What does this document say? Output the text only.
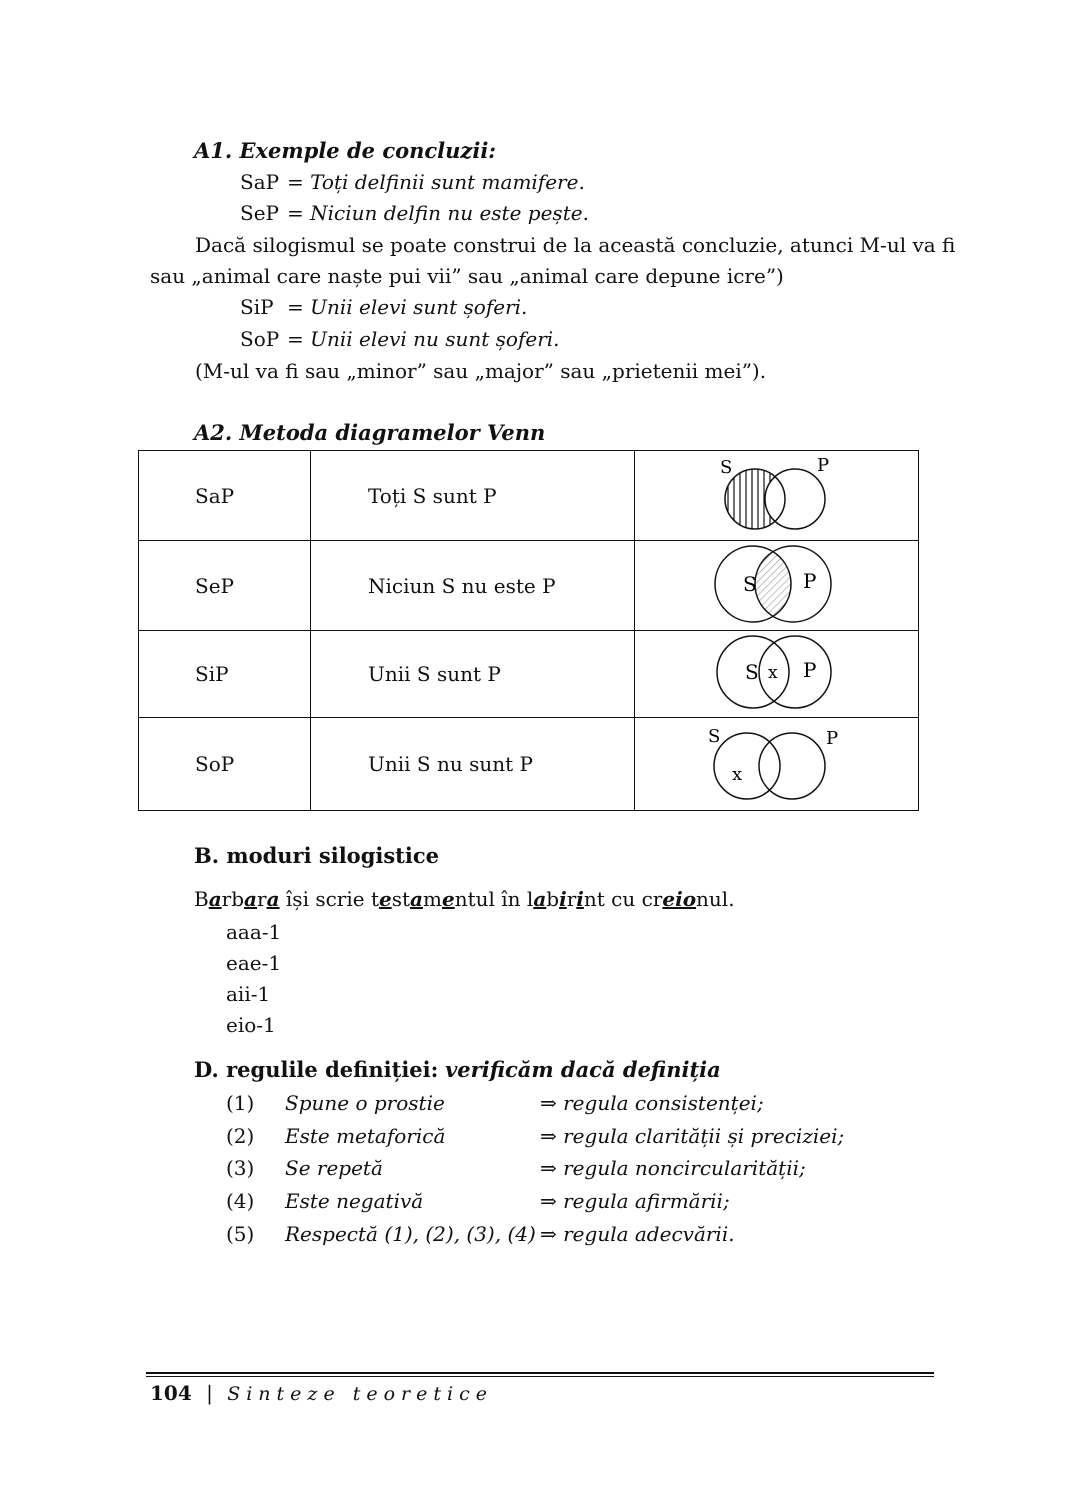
A1. Exemple de concluzii:
SaP = Toți delfinii sunt mamifere.
SeP = Niciun delfin nu este pește.
Dacă silogismul se poate construi de la această concluzie, atunci M-ul va fi
sau „animal care naște pui vii” sau „animal care depune icre”)
SiP = Unii elevi sunt șoferi.
SoP = Unii elevi nu sunt șoferi.
(M-ul va fi sau „minor” sau „major” sau „prietenii mei”).
A2. Metoda diagramelor Venn
SaP	Toți S sunt P	S P

SeP	Niciun S nu este P	S P

SiP	Unii S sunt P	S x P

SoP	Unii S nu sunt P	S
x
P
B. moduri silogistice
Barbara își scrie testamentul în labirint cu creionul.
aaa-1
eae-1
aii-1
eio-1
D. regulile definiției: verificăm dacă definiția
(1) Spune o prostie	⇒ regula consistenței;
(2) Este metaforică	⇒ regula clarității și preciziei;
(3) Se repetă	⇒ regula noncircularității;
(4) Este negativă	⇒ regula afirmării;
(5) Respectă (1), (2), (3), (4) ⇒ regula adecvării.
104 | Sinteze teoretice
